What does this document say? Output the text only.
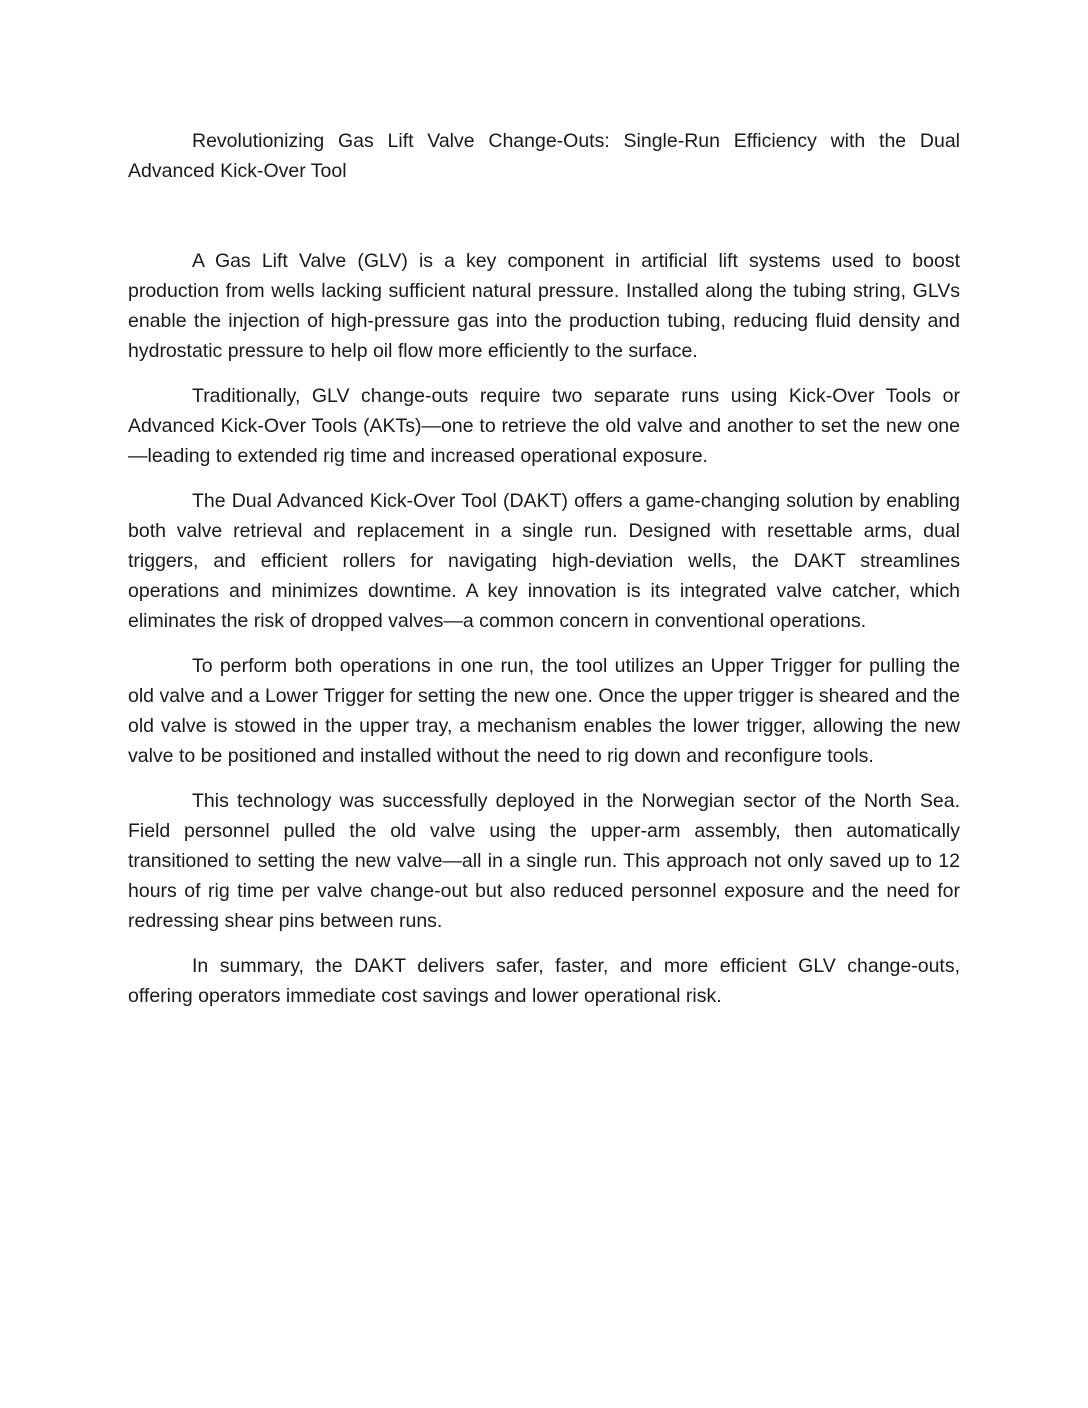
Revolutionizing Gas Lift Valve Change-Outs: Single-Run Efficiency with the Dual Advanced Kick-Over Tool

A Gas Lift Valve (GLV) is a key component in artificial lift systems used to boost production from wells lacking sufficient natural pressure. Installed along the tubing string, GLVs enable the injection of high-pressure gas into the production tubing, reducing fluid density and hydrostatic pressure to help oil flow more efficiently to the surface.

Traditionally, GLV change-outs require two separate runs using Kick-Over Tools or Advanced Kick-Over Tools (AKTs)—one to retrieve the old valve and another to set the new one—leading to extended rig time and increased operational exposure.

The Dual Advanced Kick-Over Tool (DAKT) offers a game-changing solution by enabling both valve retrieval and replacement in a single run. Designed with resettable arms, dual triggers, and efficient rollers for navigating high-deviation wells, the DAKT streamlines operations and minimizes downtime. A key innovation is its integrated valve catcher, which eliminates the risk of dropped valves—a common concern in conventional operations.

To perform both operations in one run, the tool utilizes an Upper Trigger for pulling the old valve and a Lower Trigger for setting the new one. Once the upper trigger is sheared and the old valve is stowed in the upper tray, a mechanism enables the lower trigger, allowing the new valve to be positioned and installed without the need to rig down and reconfigure tools.

This technology was successfully deployed in the Norwegian sector of the North Sea. Field personnel pulled the old valve using the upper-arm assembly, then automatically transitioned to setting the new valve—all in a single run. This approach not only saved up to 12 hours of rig time per valve change-out but also reduced personnel exposure and the need for redressing shear pins between runs.

In summary, the DAKT delivers safer, faster, and more efficient GLV change-outs, offering operators immediate cost savings and lower operational risk.
